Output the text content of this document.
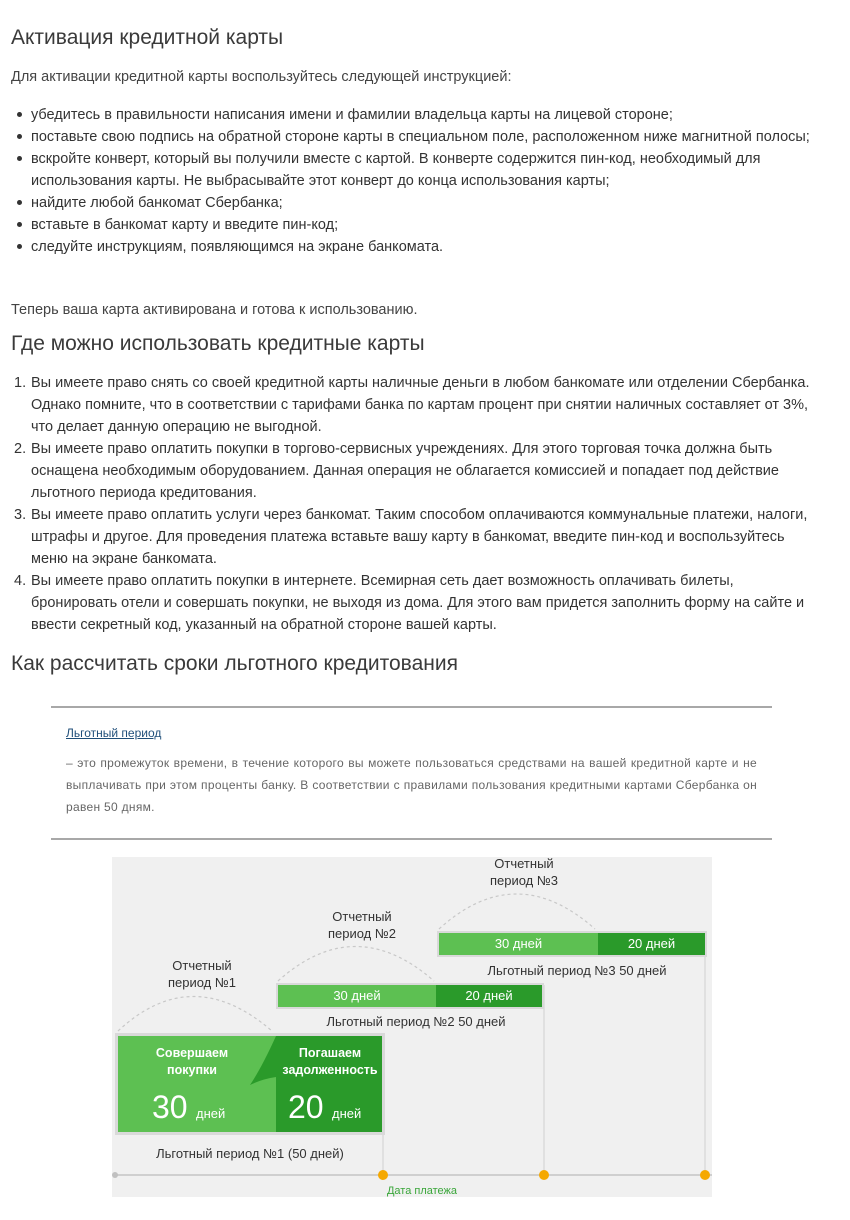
Активация кредитной карты

Для активации кредитной карты воспользуйтесь следующей инструкцией:

убедитесь в правильности написания имени и фамилии владельца карты на лицевой стороне;
поставьте свою подпись на обратной стороне карты в специальном поле, расположенном ниже магнитной полосы;
вскройте конверт, который вы получили вместе с картой. В конверте содержится пин-код, необходимый для использования карты. Не выбрасывайте этот конверт до конца использования карты;
найдите любой банкомат Сбербанка;
вставьте в банкомат карту и введите пин-код;
следуйте инструкциям, появляющимся на экране банкомата.

Теперь ваша карта активирована и готова к использованию.

Где можно использовать кредитные карты
1. Вы имеете право снять со своей кредитной карты наличные деньги в любом банкомате или отделении Сбербанка. Однако помните, что в соответствии с тарифами банка по картам процент при снятии наличных составляет от 3%, что делает данную операцию не выгодной.
2. Вы имеете право оплатить покупки в торгово-сервисных учреждениях. Для этого торговая точка должна быть оснащена необходимым оборудованием. Данная операция не облагается комиссией и попадает под действие льготного периода кредитования.
3. Вы имеете право оплатить услуги через банкомат. Таким способом оплачиваются коммунальные платежи, налоги, штрафы и другое. Для проведения платежа вставьте вашу карту в банкомат, введите пин-код и воспользуйтесь меню на экране банкомата.
4. Вы имеете право оплатить покупки в интернете. Всемирная сеть дает возможность оплачивать билеты, бронировать отели и совершать покупки, не выходя из дома. Для этого вам придется заполнить форму на сайте и ввести секретный код, указанный на обратной стороне вашей карты.
Как рассчитать сроки льготного кредитования
Льготный период

– это промежуток времени, в течение которого вы можете пользоваться средствами на вашей кредитной карте и не выплачивать при этом проценты банку. В соответствии с правилами пользования кредитными картами Сбербанка он равен 50 дням.

Отчетный период №1
Отчетный период №2
Отчетный период №3
Совершаем покупки
30 дней
Погашаем задолженность
20 дней
Льготный период №1 (50 дней)
30 дней	20 дней
Льготный период №2 50 дней
30 дней	20 дней
Льготный период №3 50 дней
Дата платежа
